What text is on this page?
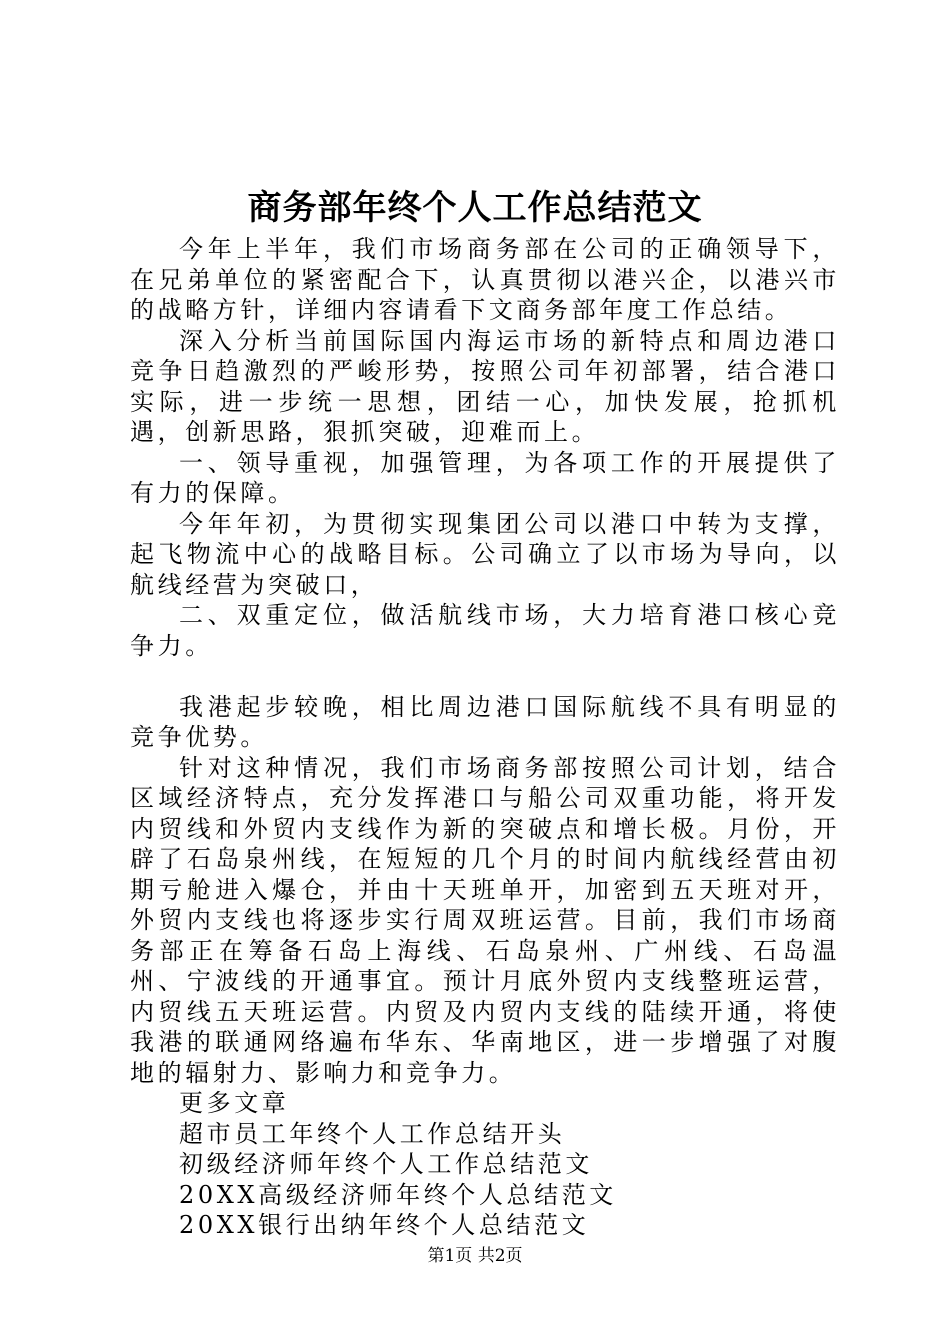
商务部年终个人工作总结范文

今年上半年，我们市场商务部在公司的正确领导下，在兄弟单位的紧密配合下，认真贯彻以港兴企，以港兴市的战略方针，详细内容请看下文商务部年度工作总结。

深入分析当前国际国内海运市场的新特点和周边港口竞争日趋激烈的严峻形势，按照公司年初部署，结合港口实际，进一步统一思想，团结一心，加快发展，抢抓机遇，创新思路，狠抓突破，迎难而上。

一、领导重视，加强管理，为各项工作的开展提供了有力的保障。

今年年初，为贯彻实现集团公司以港口中转为支撑，起飞物流中心的战略目标。公司确立了以市场为导向，以航线经营为突破口，

二、双重定位，做活航线市场，大力培育港口核心竞争力。

我港起步较晚，相比周边港口国际航线不具有明显的竞争优势。

针对这种情况，我们市场商务部按照公司计划，结合区域经济特点，充分发挥港口与船公司双重功能，将开发内贸线和外贸内支线作为新的突破点和增长极。月份，开辟了石岛泉州线，在短短的几个月的时间内航线经营由初期亏舱进入爆仓，并由十天班单开，加密到五天班对开，外贸内支线也将逐步实行周双班运营。目前，我们市场商务部正在筹备石岛上海线、石岛泉州、广州线、石岛温州、宁波线的开通事宜。预计月底外贸内支线整班运营，内贸线五天班运营。内贸及内贸内支线的陆续开通，将使我港的联通网络遍布华东、华南地区，进一步增强了对腹地的辐射力、影响力和竞争力。

更多文章
超市员工年终个人工作总结开头
初级经济师年终个人工作总结范文
20XX高级经济师年终个人总结范文
20XX银行出纳年终个人总结范文
第1页 共2页
